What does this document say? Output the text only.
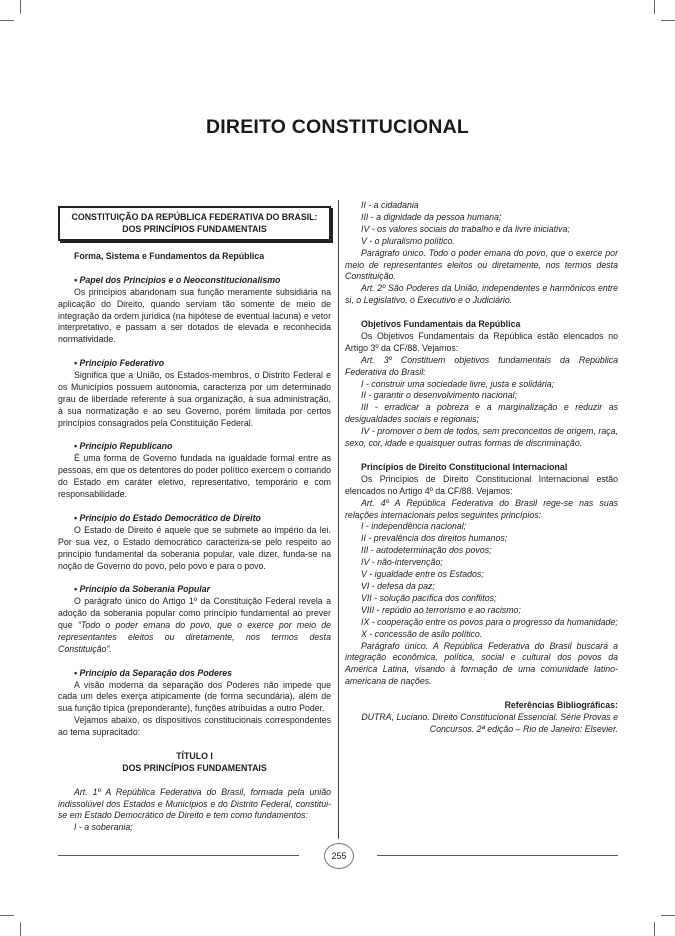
DIREITO CONSTITUCIONAL
CONSTITUIÇÃO DA REPÚBLICA FEDERATIVA DO BRASIL:
DOS PRINCÍPIOS FUNDAMENTAIS

Forma, Sistema e Fundamentos da República

• Papel dos Princípios e o Neoconstitucionalismo

Os princípios abandonam sua função meramente subsidiária na aplicação do Direito, quando serviam tão somente de meio de integração da ordem jurídica (na hipótese de eventual lacuna) e vetor interpretativo, e passam a ser dotados de elevada e reconhecida normatividade.

• Princípio Federativo

Significa que a União, os Estados-membros, o Distrito Federal e os Municípios possuem autonomia, caracteriza por um determinado grau de liberdade referente à sua organização, à sua administração, à sua normatização e ao seu Governo, porém limitada por certos princípios consagrados pela Constituição Federal.

• Princípio Republicano

É uma forma de Governo fundada na igualdade formal entre as pessoas, em que os detentores do poder político exercem o comando do Estado em caráter eletivo, representativo, temporário e com responsabilidade.

• Princípio do Estado Democrático de Direito

O Estado de Direito é aquele que se submete ao império da lei. Por sua vez, o Estado democrático caracteriza-se pelo respeito ao princípio fundamental da soberania popular, vale dizer, funda-se na noção de Governo do povo, pelo povo e para o povo.

• Princípio da Soberania Popular

O parágrafo único do Artigo 1º da Constituição Federal revela a adoção da soberania popular como princípio fundamental ao prever que “Todo o poder emana do povo, que o exerce por meio de representantes eleitos ou diretamente, nos termos desta Constituição”.

• Princípio da Separação dos Poderes

A visão moderna da separação dos Poderes não impede que cada um deles exerça atipicamente (de forma secundária), além de sua função típica (preponderante), funções atribuídas a outro Poder.

Vejamos abaixo, os dispositivos constitucionais correspondentes ao tema supracitado:

TÍTULO I

DOS PRINCÍPIOS FUNDAMENTAIS

Art. 1º A República Federativa do Brasil, formada pela união indissolúvel dos Estados e Municípios e do Distrito Federal, constitui-se em Estado Democrático de Direito e tem como fundamentos:

I - a soberania;

II - a cidadania

III - a dignidade da pessoa humana;

IV - os valores sociais do trabalho e da livre iniciativa;

V - o pluralismo político.

Parágrafo único. Todo o poder emana do povo, que o exerce por meio de representantes eleitos ou diretamente, nos termos desta Constituição.

Art. 2º São Poderes da União, independentes e harmônicos entre si, o Legislativo, o Executivo e o Judiciário.

Objetivos Fundamentais da República

Os Objetivos Fundamentais da República estão elencados no Artigo 3º da CF/88. Vejamos:

Art. 3º Constituem objetivos fundamentais da República Federativa do Brasil:

I - construir uma sociedade livre, justa e solidária;

II - garantir o desenvolvimento nacional;

III - erradicar a pobreza e a marginalização e reduzir as desigualdades sociais e regionais;

IV - promover o bem de todos, sem preconceitos de origem, raça, sexo, cor, idade e quaisquer outras formas de discriminação.

Princípios de Direito Constitucional Internacional

Os Princípios de Direito Constitucional Internacional estão elencados no Artigo 4º da CF/88. Vejamos:

Art. 4º A República Federativa do Brasil rege-se nas suas relações internacionais pelos seguintes princípios:

I - independência nacional;

II - prevalência dos direitos humanos;

III - autodeterminação dos povos;

IV - não-intervenção;

V - igualdade entre os Estados;

VI - defesa da paz;

VII - solução pacífica dos conflitos;

VIII - repúdio ao terrorismo e ao racismo;

IX - cooperação entre os povos para o progresso da humanidade;

X - concessão de asilo político.

Parágrafo único. A República Federativa do Brasil buscará a integração econômica, política, social e cultural dos povos da América Latina, visando à formação de uma comunidade latino-americana de nações.

Referências Bibliográficas:

DUTRA, Luciano. Direito Constitucional Essencial. Série Provas e Concursos. 2ª edição – Rio de Janeiro: Elsevier.

255
